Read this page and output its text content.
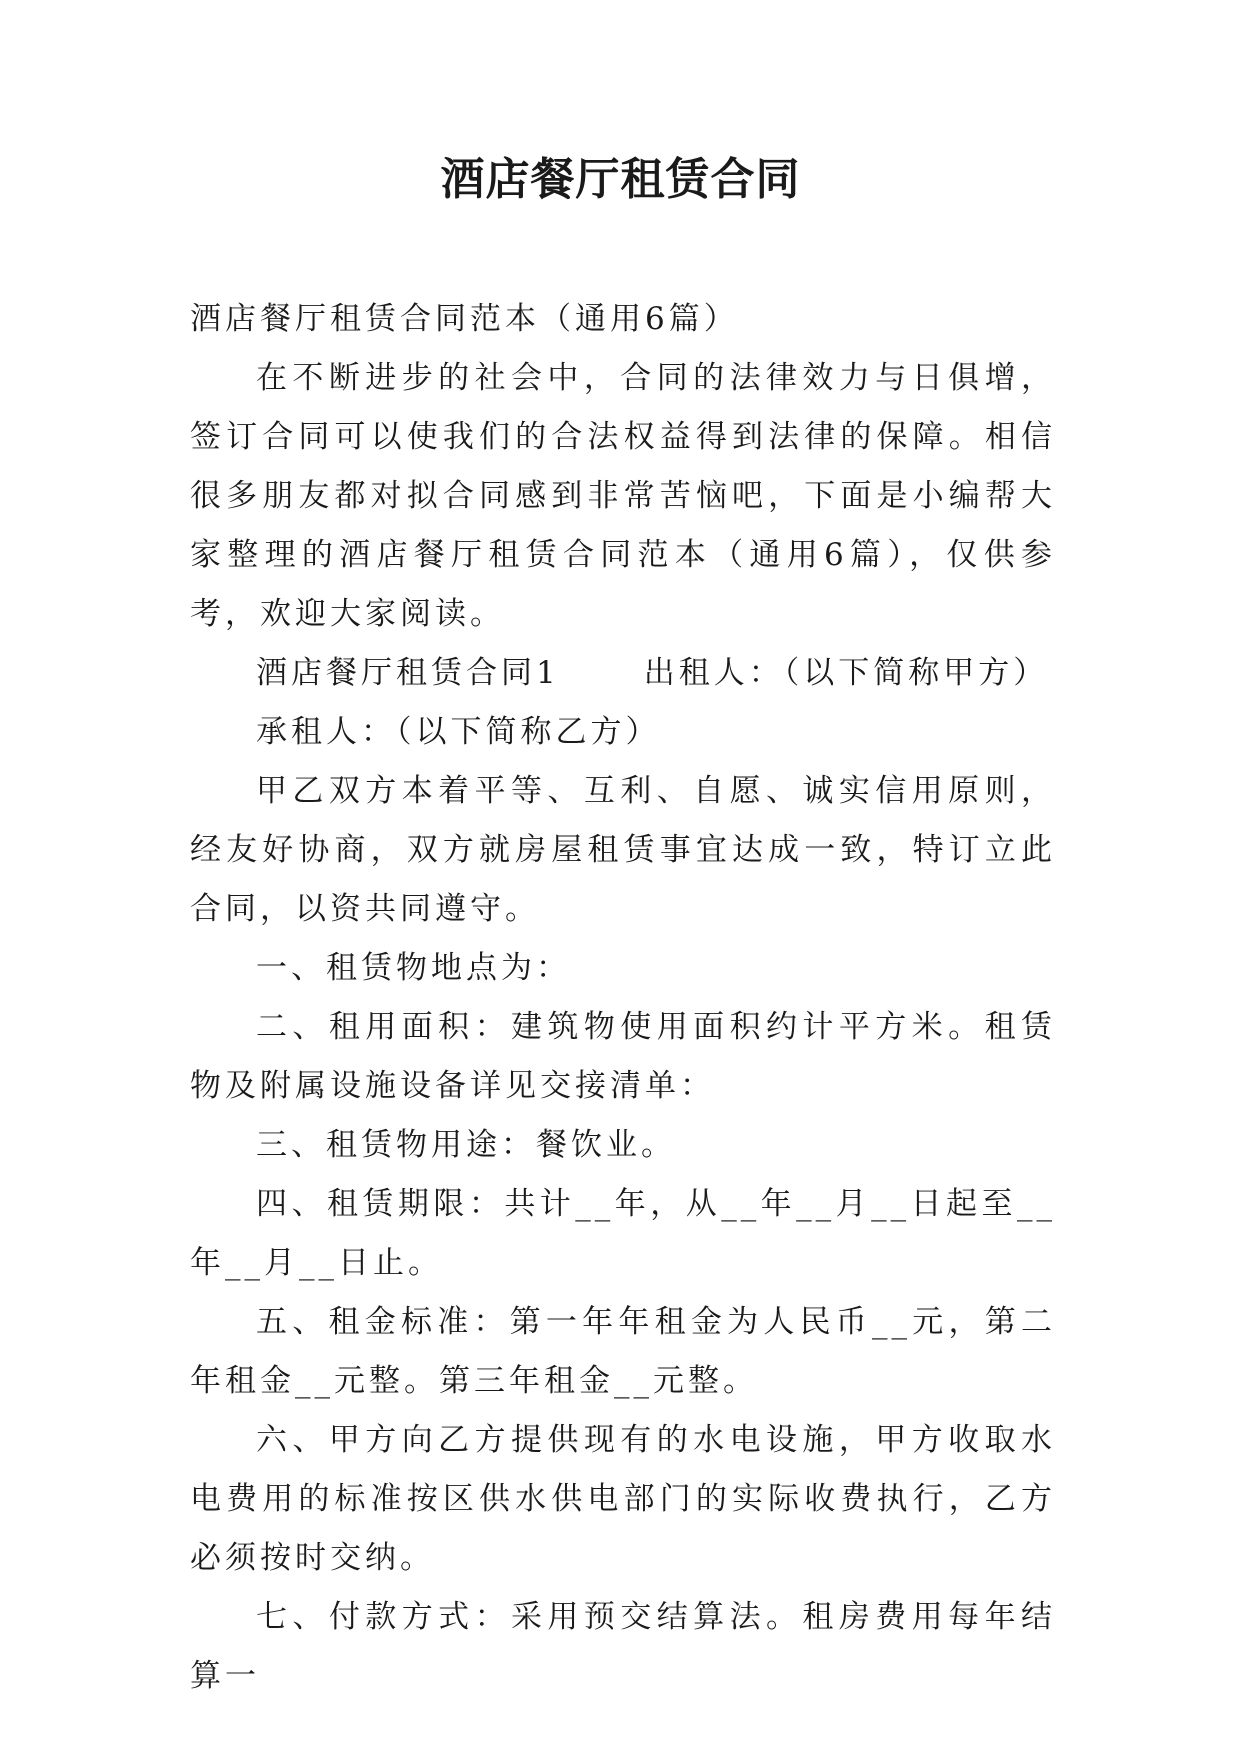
酒店餐厅租赁合同

酒店餐厅租赁合同范本（通用6篇）

在不断进步的社会中，合同的法律效力与日俱增，签订合同可以使我们的合法权益得到法律的保障。相信很多朋友都对拟合同感到非常苦恼吧，下面是小编帮大家整理的酒店餐厅租赁合同范本（通用6篇），仅供参考，欢迎大家阅读。

酒店餐厅租赁合同1	出租人：（以下简称甲方）

承租人：（以下简称乙方）

甲乙双方本着平等、互利、自愿、诚实信用原则，经友好协商，双方就房屋租赁事宜达成一致，特订立此合同，以资共同遵守。

一、租赁物地点为：

二、租用面积：建筑物使用面积约计平方米。租赁物及附属设施设备详见交接清单：

三、租赁物用途：餐饮业。

四、租赁期限：共计__年，从__年__月__日起至__年__月__日止。

五、租金标准：第一年年租金为人民币__元，第二年租金__元整。第三年租金__元整。

六、甲方向乙方提供现有的水电设施，甲方收取水电费用的标准按区供水供电部门的实际收费执行，乙方必须按时交纳。

七、付款方式：采用预交结算法。租房费用每年结算一
